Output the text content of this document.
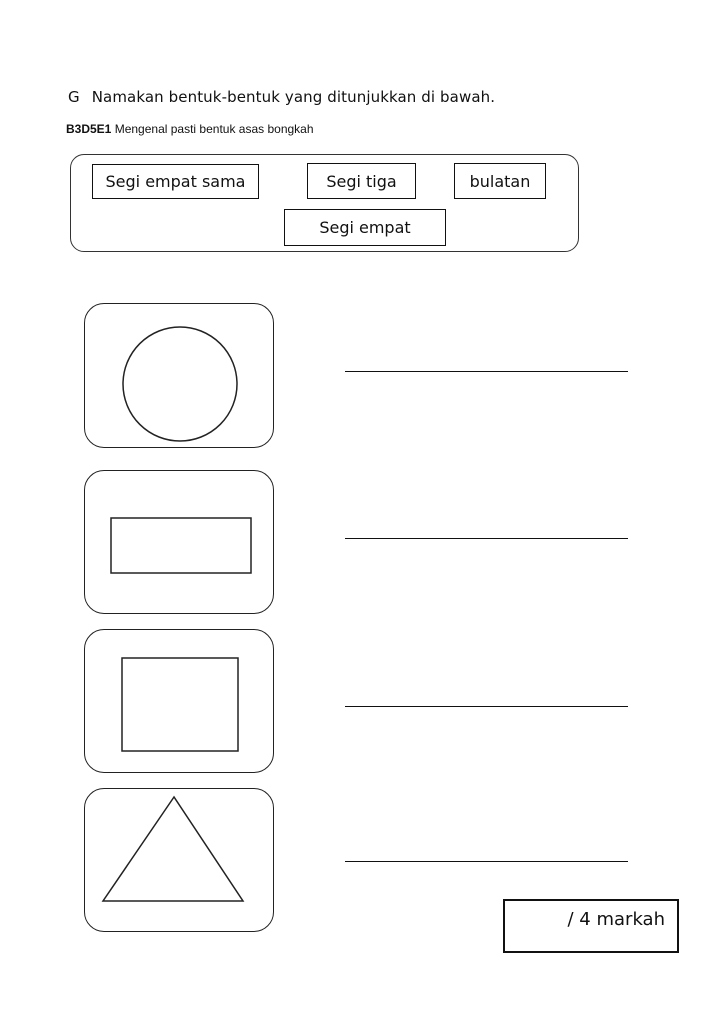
G Namakan bentuk-bentuk yang ditunjukkan di bawah.
B3D5E1 Mengenal pasti bentuk asas bongkah
Segi empat sama	Segi tiga	bulatan
Segi empat
/ 4 markah
